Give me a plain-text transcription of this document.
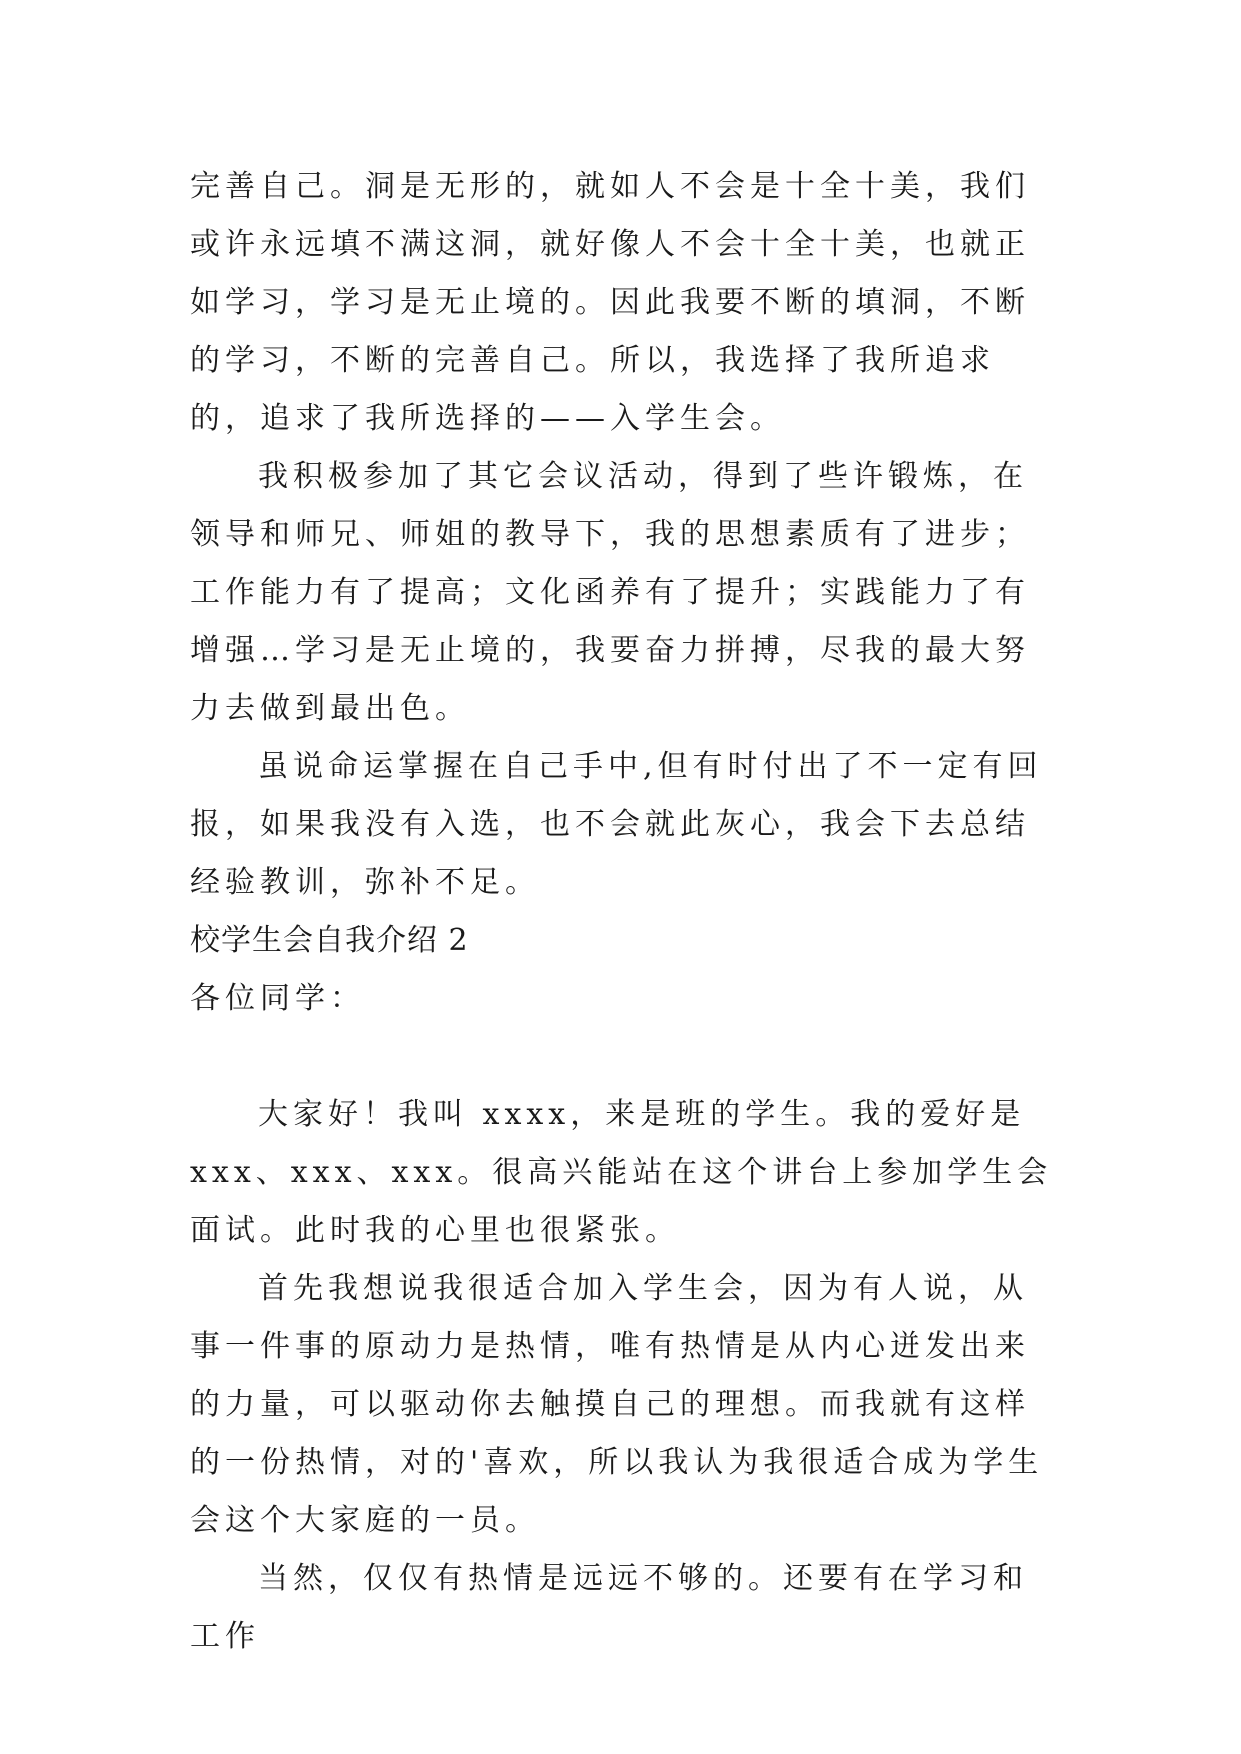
完善自己。洞是无形的，就如人不会是十全十美，我们或许永远填不满这洞，就好像人不会十全十美，也就正如学习，学习是无止境的。因此我要不断的填洞，不断的学习，不断的完善自己。所以，我选择了我所追求的，追求了我所选择的——入学生会。

我积极参加了其它会议活动，得到了些许锻炼，在领导和师兄、师姐的教导下，我的思想素质有了进步；工作能力有了提高；文化函养有了提升；实践能力了有增强…学习是无止境的，我要奋力拼搏，尽我的最大努力去做到最出色。

虽说命运掌握在自己手中,但有时付出了不一定有回报，如果我没有入选，也不会就此灰心，我会下去总结经验教训，弥补不足。

校学生会自我介绍 2

各位同学：

大家好！我叫 xxxx，来是班的学生。我的爱好是 xxx、xxx、xxx。很高兴能站在这个讲台上参加学生会面试。此时我的心里也很紧张。

首先我想说我很适合加入学生会，因为有人说，从事一件事的原动力是热情，唯有热情是从内心迸发出来的力量，可以驱动你去触摸自己的理想。而我就有这样的一份热情，对的'喜欢，所以我认为我很适合成为学生会这个大家庭的一员。

当然，仅仅有热情是远远不够的。还要有在学习和工作
